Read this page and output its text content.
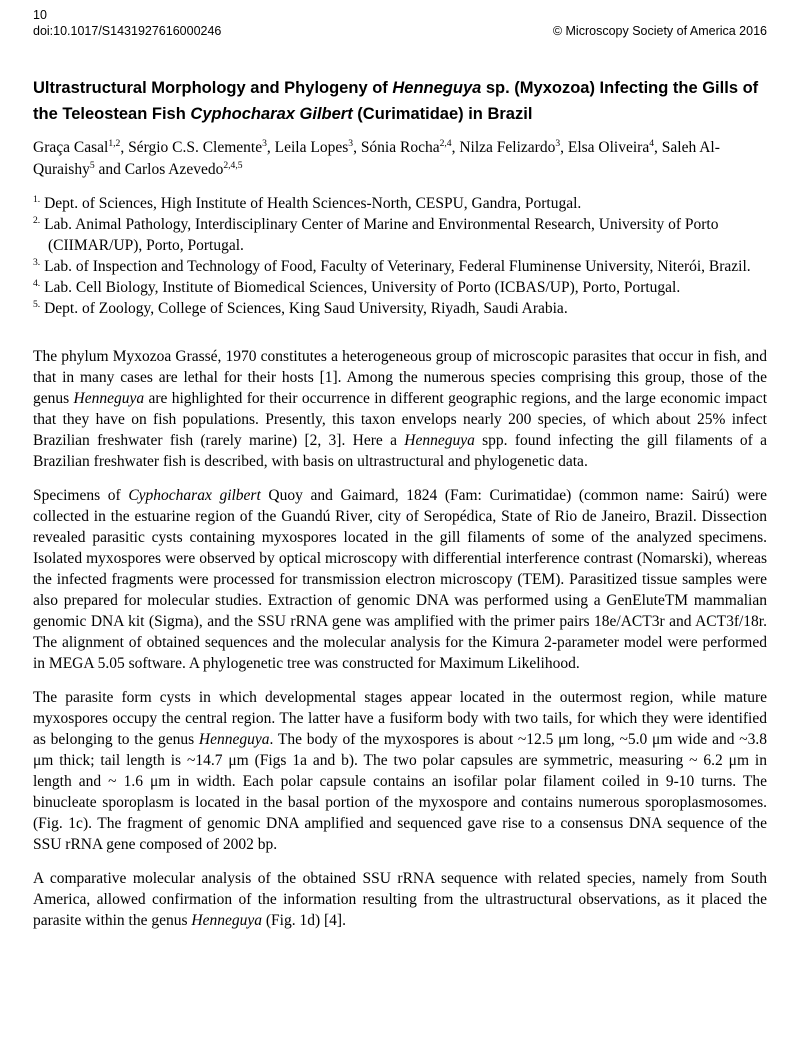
10
doi:10.1017/S1431927616000246	© Microscopy Society of America 2016
Ultrastructural Morphology and Phylogeny of Henneguya sp. (Myxozoa) Infecting the Gills of the Teleostean Fish Cyphocharax Gilbert (Curimatidae) in Brazil

Graça Casal$^{1,2}$, Sérgio C.S. Clemente$^3$, Leila Lopes$^3$, Sónia Rocha$^{2,4}$, Nilza Felizardo$^3$, Elsa Oliveira$^4$, Saleh Al-Quraishy$^5$ and Carlos Azevedo$^{2,4,5}$

$^{1.}$ Dept. of Sciences, High Institute of Health Sciences-North, CESPU, Gandra, Portugal.

$^{2.}$ Lab. Animal Pathology, Interdisciplinary Center of Marine and Environmental Research, University of Porto (CIIMAR/UP), Porto, Portugal.

$^{3.}$ Lab. of Inspection and Technology of Food, Faculty of Veterinary, Federal Fluminense University, Niterói, Brazil.

$^{4.}$ Lab. Cell Biology, Institute of Biomedical Sciences, University of Porto (ICBAS/UP), Porto, Portugal.

$^{5.}$ Dept. of Zoology, College of Sciences, King Saud University, Riyadh, Saudi Arabia.

The phylum Myxozoa Grassé, 1970 constitutes a heterogeneous group of microscopic parasites that occur in fish, and that in many cases are lethal for their hosts [1]. Among the numerous species comprising this group, those of the genus Henneguya are highlighted for their occurrence in different geographic regions, and the large economic impact that they have on fish populations. Presently, this taxon envelops nearly 200 species, of which about 25% infect Brazilian freshwater fish (rarely marine) [2, 3]. Here a Henneguya spp. found infecting the gill filaments of a Brazilian freshwater fish is described, with basis on ultrastructural and phylogenetic data.

Specimens of Cyphocharax gilbert Quoy and Gaimard, 1824 (Fam: Curimatidae) (common name: Sairú) were collected in the estuarine region of the Guandú River, city of Seropédica, State of Rio de Janeiro, Brazil. Dissection revealed parasitic cysts containing myxospores located in the gill filaments of some of the analyzed specimens. Isolated myxospores were observed by optical microscopy with differential interference contrast (Nomarski), whereas the infected fragments were processed for transmission electron microscopy (TEM). Parasitized tissue samples were also prepared for molecular studies. Extraction of genomic DNA was performed using a GenEluteTM mammalian genomic DNA kit (Sigma), and the SSU rRNA gene was amplified with the primer pairs 18e/ACT3r and ACT3f/18r. The alignment of obtained sequences and the molecular analysis for the Kimura 2-parameter model were performed in MEGA 5.05 software. A phylogenetic tree was constructed for Maximum Likelihood.

The parasite form cysts in which developmental stages appear located in the outermost region, while mature myxospores occupy the central region. The latter have a fusiform body with two tails, for which they were identified as belonging to the genus Henneguya. The body of the myxospores is about ~12.5 μm long, ~5.0 μm wide and ~3.8 μm thick; tail length is ~14.7 μm (Figs 1a and b). The two polar capsules are symmetric, measuring ~ 6.2 μm in length and ~ 1.6 μm in width. Each polar capsule contains an isofilar polar filament coiled in 9-10 turns. The binucleate sporoplasm is located in the basal portion of the myxospore and contains numerous sporoplasmosomes. (Fig. 1c). The fragment of genomic DNA amplified and sequenced gave rise to a consensus DNA sequence of the SSU rRNA gene composed of 2002 bp.

A comparative molecular analysis of the obtained SSU rRNA sequence with related species, namely from South America, allowed confirmation of the information resulting from the ultrastructural observations, as it placed the parasite within the genus Henneguya (Fig. 1d) [4].
